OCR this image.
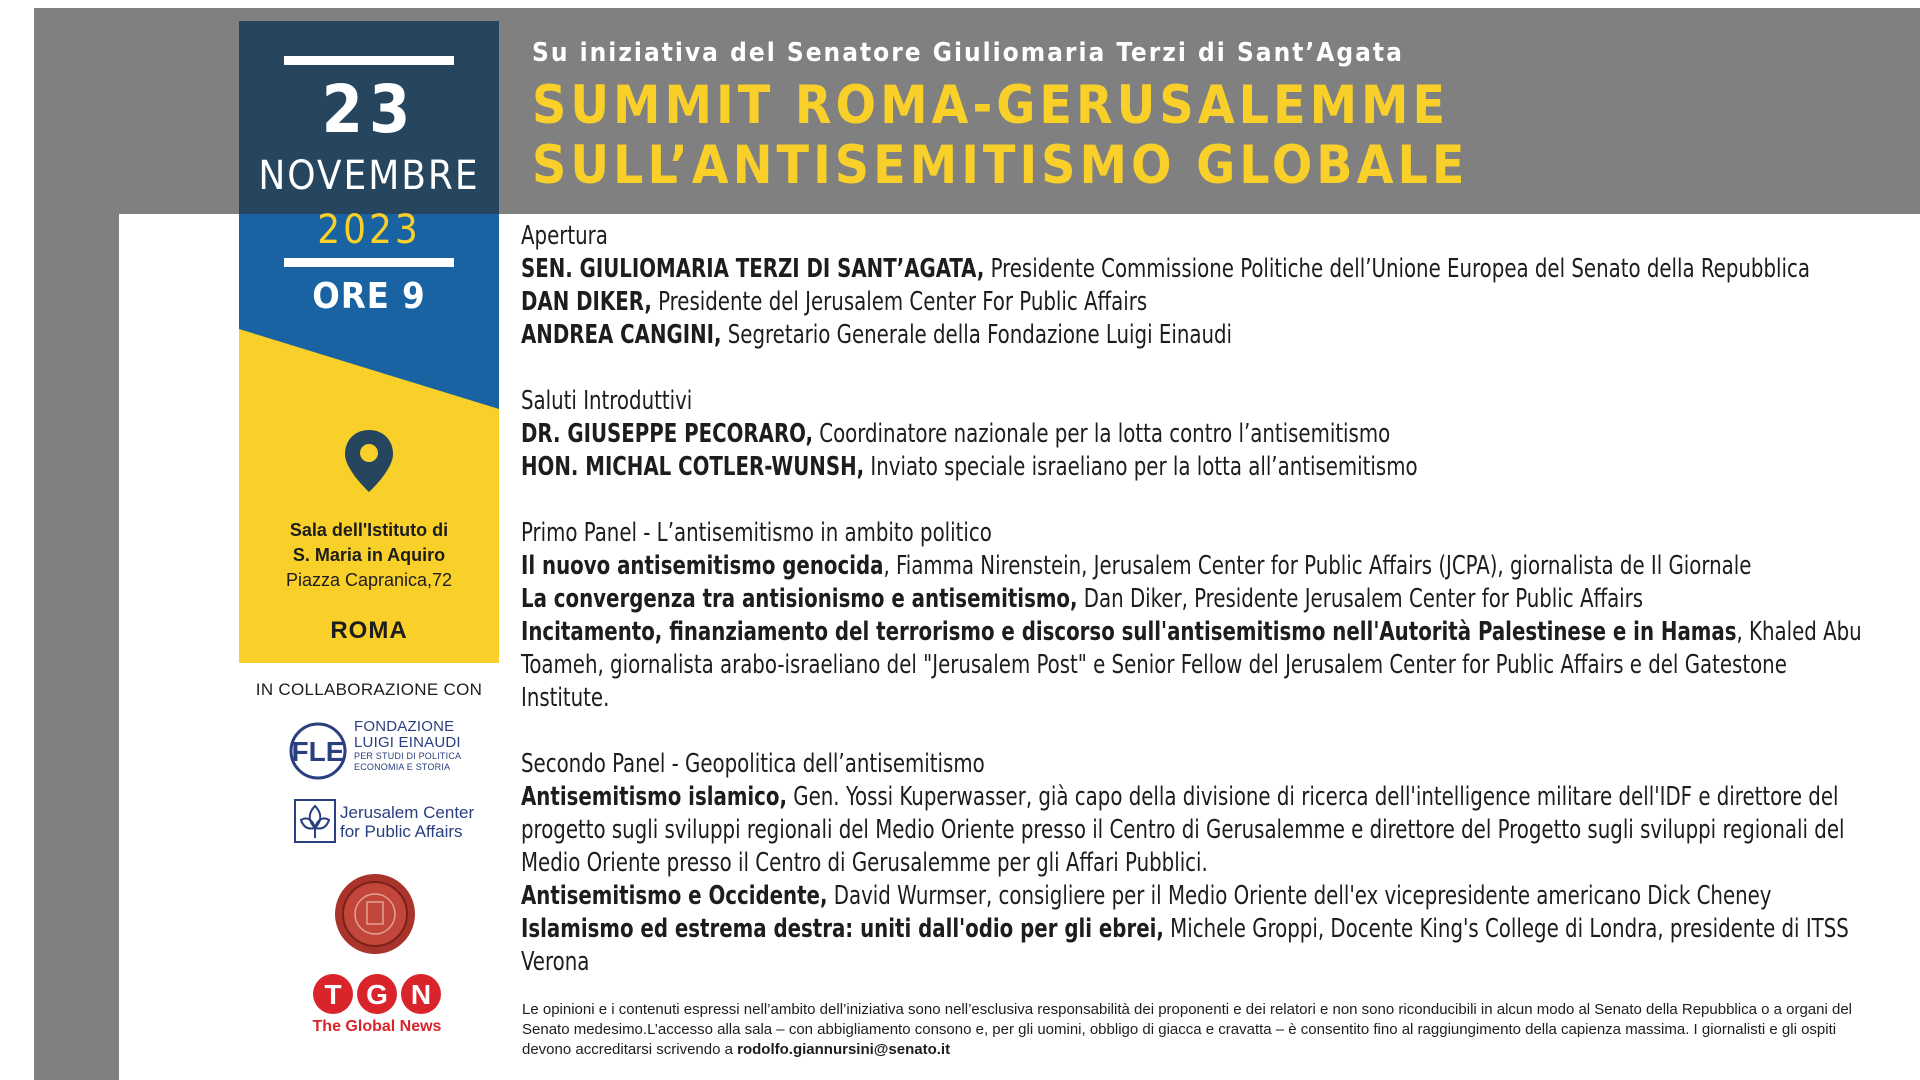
23
NOVEMBRE
2023
ORE 9
Sala dell'Istituto di
S. Maria in Aquiro
Piazza Capranica,72
ROMA
IN COLLABORAZIONE CON
FLE
FONDAZIONE
LUIGI EINAUDI
PER STUDI DI POLITICA
ECONOMIA E STORIA
Jerusalem Center
for Public Affairs
T G N
The Global News
Su iniziativa del Senatore Giuliomaria Terzi di Sant’Agata
SUMMIT ROMA-GERUSALEMME
SULL’ANTISEMITISMO GLOBALE

Apertura

SEN. GIULIOMARIA TERZI DI SANT’AGATA, Presidente Commissione Politiche dell’Unione Europea del Senato della Repubblica

DAN DIKER, Presidente del Jerusalem Center For Public Affairs

ANDREA CANGINI, Segretario Generale della Fondazione Luigi Einaudi

Saluti Introduttivi

DR. GIUSEPPE PECORARO, Coordinatore nazionale per la lotta contro l’antisemitismo

HON. MICHAL COTLER-WUNSH, Inviato speciale israeliano per la lotta all’antisemitismo

Primo Panel - L’antisemitismo in ambito politico

Il nuovo antisemitismo genocida, Fiamma Nirenstein, Jerusalem Center for Public Affairs (JCPA), giornalista de Il Giornale

La convergenza tra antisionismo e antisemitismo, Dan Diker, Presidente Jerusalem Center for Public Affairs

Incitamento, finanziamento del terrorismo e discorso sull'antisemitismo nell'Autorità Palestinese e in Hamas, Khaled Abu Toameh, giornalista arabo-israeliano del "Jerusalem Post" e Senior Fellow del Jerusalem Center for Public Affairs e del Gatestone Institute.

Secondo Panel - Geopolitica dell’antisemitismo

Antisemitismo islamico, Gen. Yossi Kuperwasser, già capo della divisione di ricerca dell'intelligence militare dell'IDF e direttore del progetto sugli sviluppi regionali del Medio Oriente presso il Centro di Gerusalemme e direttore del Progetto sugli sviluppi regionali del Medio Oriente presso il Centro di Gerusalemme per gli Affari Pubblici.

Antisemitismo e Occidente, David Wurmser, consigliere per il Medio Oriente dell'ex vicepresidente americano Dick Cheney

Islamismo ed estrema destra: uniti dall'odio per gli ebrei, Michele Groppi, Docente King's College di Londra, presidente di ITSS Verona

Le opinioni e i contenuti espressi nell’ambito dell’iniziativa sono nell’esclusiva responsabilità dei proponenti e dei relatori e non sono riconducibili in alcun modo al Senato della Repubblica o a organi del Senato medesimo.L’accesso alla sala – con abbigliamento consono e, per gli uomini, obbligo di giacca e cravatta – è consentito fino al raggiungimento della capienza massima. I giornalisti e gli ospiti devono accreditarsi scrivendo a rodolfo.giannursini@senato.it
